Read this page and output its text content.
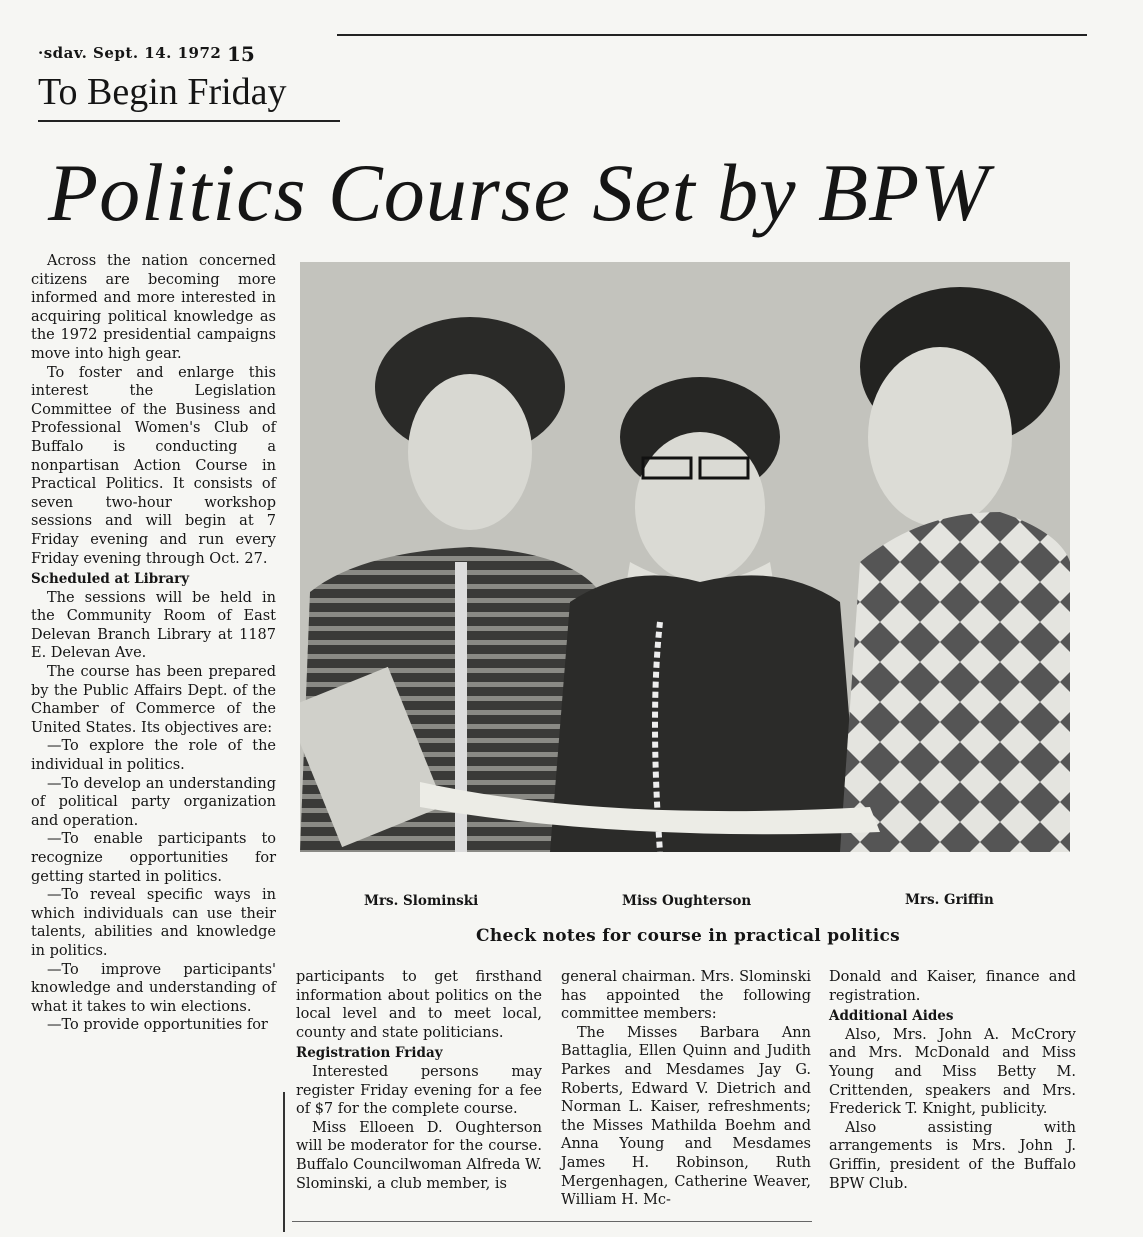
·sdav. Sept. 14. 1972 15
To Begin Friday
Politics Course Set by BPW

Across the nation concerned citizens are becoming more informed and more interested in acquiring political knowledge as the 1972 presidential campaigns move into high gear.

To foster and enlarge this interest the Legislation Committee of the Business and Professional Women's Club of Buffalo is conducting a nonpartisan Action Course in Practical Politics. It consists of seven two-hour workshop sessions and will begin at 7 Friday evening and run every Friday evening through Oct. 27.

Scheduled at Library

The sessions will be held in the Community Room of East Delevan Branch Library at 1187 E. Delevan Ave.

The course has been prepared by the Public Affairs Dept. of the Chamber of Commerce of the United States. Its objectives are:

—To explore the role of the individual in politics.

—To develop an understanding of political party organization and operation.

—To enable participants to recognize opportunities for getting started in politics.

—To reveal specific ways in which individuals can use their talents, abilities and knowledge in politics.

—To improve participants' knowledge and understanding of what it takes to win elections.

—To provide opportunities for

Mrs. Slominski	Miss Oughterson	Mrs. Griffin
Check notes for course in practical politics

participants to get firsthand information about politics on the local level and to meet local, county and state politicians.

Registration Friday

Interested persons may register Friday evening for a fee of $7 for the complete course.

Miss Elloeen D. Oughterson will be moderator for the course. Buffalo Councilwoman Alfreda W. Slominski, a club member, is

general chairman. Mrs. Slominski has appointed the following committee members:

The Misses Barbara Ann Battaglia, Ellen Quinn and Judith Parkes and Mesdames Jay G. Roberts, Edward V. Dietrich and Norman L. Kaiser, refreshments; the Misses Mathilda Boehm and Anna Young and Mesdames James H. Robinson, Ruth Mergenhagen, Catherine Weaver, William H. Mc-

Donald and Kaiser, finance and registration.

Additional Aides

Also, Mrs. John A. McCrory and Mrs. McDonald and Miss Young and Miss Betty M. Crittenden, speakers and Mrs. Frederick T. Knight, publicity.

Also assisting with arrangements is Mrs. John J. Griffin, president of the Buffalo BPW Club.
